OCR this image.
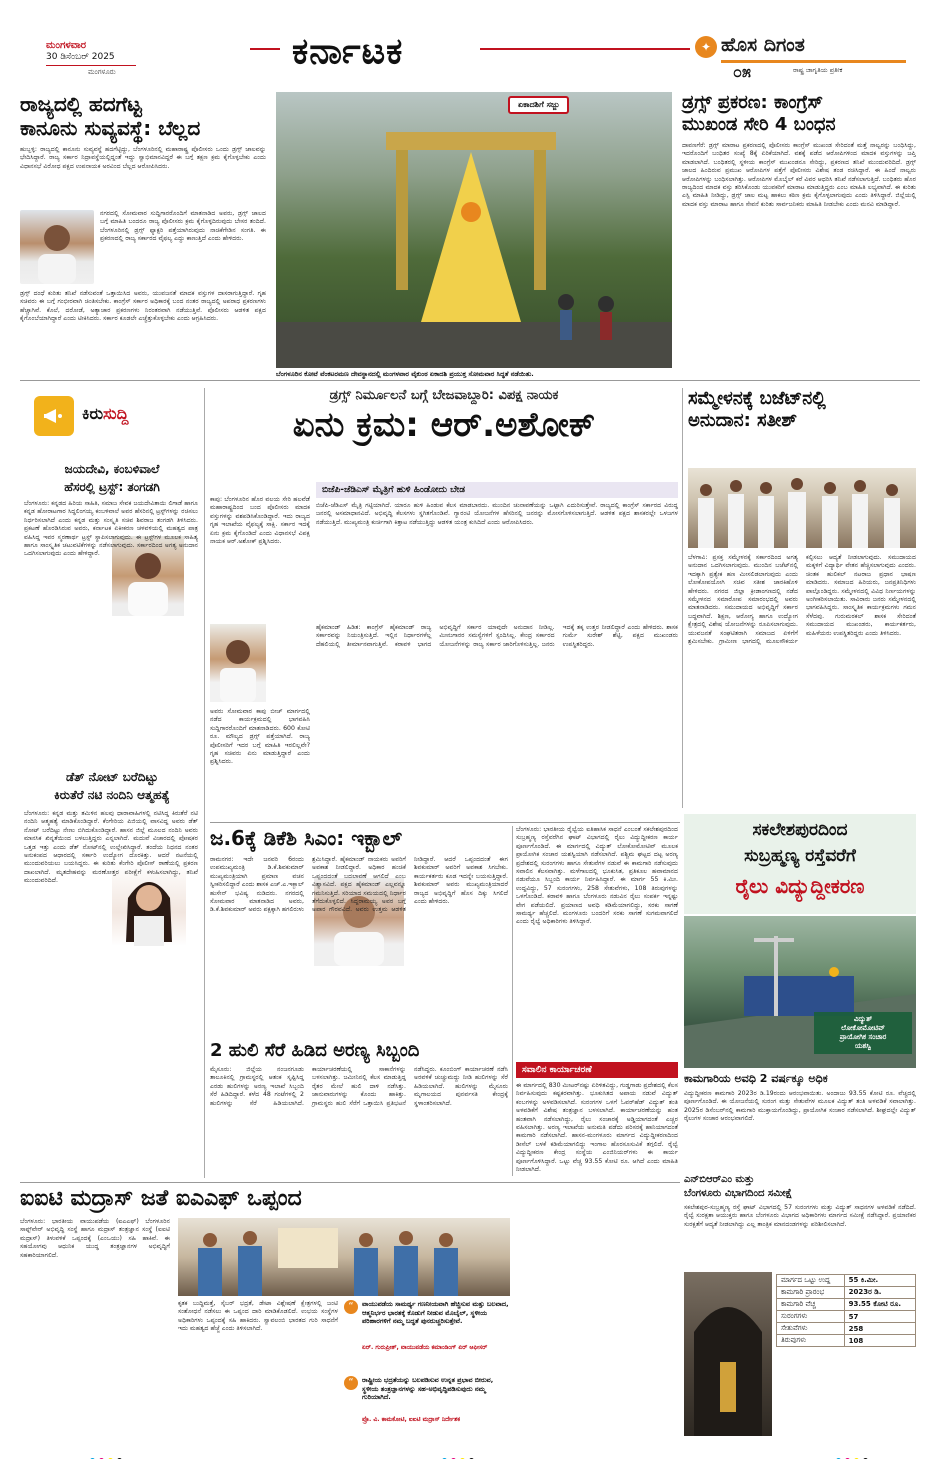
ಮಂಗಳವಾರ
30 ಡಿಸೆಂಬರ್ 2025
ಮಂಗಳೂರು	ಕರ್ನಾಟಕ	✦ ಹೊಸ ದಿಗಂತ
೦೫	ರಾಷ್ಟ್ರ ಜಾಗೃತಿಯ ಪ್ರತೀಕ
ರಾಜ್ಯದಲ್ಲಿ ಹದಗೆಟ್ಟ
ಕಾನೂನು ಸುವ್ಯವಸ್ಥೆ: ಬೆಲ್ಲದ
ಹುಬ್ಬಳ್ಳಿ: ರಾಜ್ಯದಲ್ಲಿ ಕಾನೂನು ಸುವ್ಯವಸ್ಥೆ ಹದಗೆಟ್ಟಿದ್ದು, ಬೆಂಗಳೂರಿನಲ್ಲಿ ಮಹಾರಾಷ್ಟ್ರ ಪೊಲೀಸರು ಒಂದು ಡ್ರಗ್ಸ್ ಜಾಲವನ್ನು ಭೇದಿಸಿದ್ದಾರೆ. ರಾಜ್ಯ ಸರ್ಕಾರ ನಿದ್ರಾವಸ್ಥೆಯಲ್ಲಿದ್ದಂತೆ ಇದ್ದು ಸ್ವಾಭಿಮಾನವಿದ್ದರೆ ಈ ಬಗ್ಗೆ ತಕ್ಷಣ ಕ್ರಮ ಕೈಗೊಳ್ಳಬೇಕು ಎಂದು ವಿಧಾನಸಭೆ ವಿರೋಧ ಪಕ್ಷದ ಉಪನಾಯಕ ಅರವಿಂದ ಬೆಲ್ಲದ ಆರೋಪಿಸಿದರು.
ನಗರದಲ್ಲಿ ಸೋಮವಾರ ಸುದ್ದಿಗಾರರೊಂದಿಗೆ ಮಾತನಾಡಿದ ಅವರು, ಡ್ರಗ್ಸ್ ಜಾಲದ ಬಗ್ಗೆ ಮಾಹಿತಿ ಬಂದರೂ ರಾಜ್ಯ ಪೊಲೀಸರು ಕ್ರಮ ಕೈಗೊಳ್ಳದಿರುವುದು ಬೇಸರ ತಂದಿದೆ. ಬೆಂಗಳೂರಿನಲ್ಲಿ ಡ್ರಗ್ಸ್ ಫ್ಯಾಕ್ಟರಿ ಪತ್ತೆಯಾಗಿರುವುದು ನಾಚಿಕೆಗೇಡಿನ ಸಂಗತಿ. ಈ ಪ್ರಕರಣದಲ್ಲಿ ರಾಜ್ಯ ಸರ್ಕಾರದ ವೈಫಲ್ಯ ಎದ್ದು ಕಾಣುತ್ತಿದೆ ಎಂದು ಹೇಳಿದರು.
ಡ್ರಗ್ಸ್ ದಂಧೆ ಕುರಿತು ತನಿಖೆ ನಡೆಸುವಂತೆ ಒತ್ತಾಯಿಸಿದ ಅವರು, ಯುವಜನತೆ ಮಾದಕ ವಸ್ತುಗಳ ದಾಸರಾಗುತ್ತಿದ್ದಾರೆ. ಗೃಹ ಸಚಿವರು ಈ ಬಗ್ಗೆ ಗಂಭೀರವಾಗಿ ಚಿಂತಿಸಬೇಕು. ಕಾಂಗ್ರೆಸ್ ಸರ್ಕಾರ ಅಧಿಕಾರಕ್ಕೆ ಬಂದ ನಂತರ ರಾಜ್ಯದಲ್ಲಿ ಅಪರಾಧ ಪ್ರಕರಣಗಳು ಹೆಚ್ಚಾಗಿವೆ. ಕೊಲೆ, ದರೋಡೆ, ಅತ್ಯಾಚಾರ ಪ್ರಕರಣಗಳು ನಿರಂತರವಾಗಿ ನಡೆಯುತ್ತಿವೆ. ಪೊಲೀಸರು ಆಡಳಿತ ಪಕ್ಷದ ಕೈಗೊಂಬೆಯಾಗಿದ್ದಾರೆ ಎಂದು ಟೀಕಿಸಿದರು. ಸರ್ಕಾರ ಕೂಡಲೇ ಎಚ್ಚೆತ್ತುಕೊಳ್ಳಬೇಕು ಎಂದು ಆಗ್ರಹಿಸಿದರು.
ಏಕಾದಶಿಗೆ ಸಜ್ಜು
ಬೆಂಗಳೂರಿನ ಕೋಟೆ ವೆಂಕಟರಮಣ ದೇವಸ್ಥಾನದಲ್ಲಿ ಮಂಗಳವಾರ ವೈಕುಂಠ ಏಕಾದಶಿ ಪ್ರಯುಕ್ತ ಸೋಮವಾರ ಸಿದ್ಧತೆ ನಡೆಯಿತು.
ಡ್ರಗ್ಸ್ ಪ್ರಕರಣ: ಕಾಂಗ್ರೆಸ್
ಮುಖಂಡ ಸೇರಿ 4 ಬಂಧನ
ದಾವಣಗೆರೆ: ಡ್ರಗ್ಸ್ ಮಾರಾಟ ಪ್ರಕರಣದಲ್ಲಿ ಪೊಲೀಸರು ಕಾಂಗ್ರೆಸ್ ಮುಖಂಡ ಸೇರಿದಂತೆ ಮತ್ತೆ ನಾಲ್ವರನ್ನು ಬಂಧಿಸಿದ್ದು, ಇದರೊಂದಿಗೆ ಬಂಧಿತರ ಸಂಖ್ಯೆ 8ಕ್ಕೆ ಏರಿಕೆಯಾಗಿದೆ. ವಶಕ್ಕೆ ಪಡೆದ ಆರೋಪಿಗಳಿಂದ ಮಾದಕ ವಸ್ತುಗಳನ್ನು ಜಪ್ತಿ ಮಾಡಲಾಗಿದೆ. ಬಂಧಿತರಲ್ಲಿ ಸ್ಥಳೀಯ ಕಾಂಗ್ರೆಸ್ ಮುಖಂಡನೂ ಸೇರಿದ್ದು, ಪ್ರಕರಣದ ತನಿಖೆ ಮುಂದುವರಿದಿದೆ. ಡ್ರಗ್ಸ್ ಜಾಲದ ಹಿಂದಿರುವ ಪ್ರಮುಖ ಆರೋಪಿಗಳ ಪತ್ತೆಗೆ ಪೊಲೀಸರು ವಿಶೇಷ ತಂಡ ರಚಿಸಿದ್ದಾರೆ. ಈ ಹಿಂದೆ ನಾಲ್ವರು ಆರೋಪಿಗಳನ್ನು ಬಂಧಿಸಲಾಗಿತ್ತು. ಆರೋಪಿಗಳ ಮೊಬೈಲ್ ಕರೆ ವಿವರ ಆಧರಿಸಿ ತನಿಖೆ ನಡೆಸಲಾಗುತ್ತಿದೆ. ಬಂಧಿತರು ಹೊರ ರಾಜ್ಯದಿಂದ ಮಾದಕ ವಸ್ತು ತರಿಸಿಕೊಂಡು ಯುವಕರಿಗೆ ಮಾರಾಟ ಮಾಡುತ್ತಿದ್ದರು ಎಂಬ ಮಾಹಿತಿ ಲಭ್ಯವಾಗಿದೆ. ಈ ಕುರಿತು ಎಸ್ಪಿ ಮಾಹಿತಿ ನೀಡಿದ್ದು, ಡ್ರಗ್ಸ್ ಜಾಲ ಮಟ್ಟ ಹಾಕಲು ಕಠಿಣ ಕ್ರಮ ಕೈಗೊಳ್ಳಲಾಗುವುದು ಎಂದು ತಿಳಿಸಿದ್ದಾರೆ. ಜಿಲ್ಲೆಯಲ್ಲಿ ಮಾದಕ ವಸ್ತು ಮಾರಾಟ ಹಾಗೂ ಸೇವನೆ ಕುರಿತು ಸಾರ್ವಜನಿಕರು ಮಾಹಿತಿ ನೀಡಬೇಕು ಎಂದು ಮನವಿ ಮಾಡಿದ್ದಾರೆ.
ಕಿರುಸುದ್ದಿ
ಜಯದೇವಿ, ಕಂಬಳಿವಾಲೆ
ಹೆಸರಲ್ಲಿ ಟ್ರಸ್ಟ್: ತಂಗಡಗಿ
ಬೆಂಗಳೂರು: ಕನ್ನಡದ ಹಿರಿಯ ಸಾಹಿತಿ, ಸಮಾಜ ಸೇವಕ ಜಯದೇವಿತಾಯಿ ಲಿಗಾಡೆ ಹಾಗೂ ಕನ್ನಡ ಹೋರಾಟಗಾರ ಸಿದ್ಧಲಿಂಗಯ್ಯ ಕಂಬಳಿವಾಲೆ ಅವರ ಹೆಸರಿನಲ್ಲಿ ಟ್ರಸ್ಟ್‌ಗಳನ್ನು ರಚಿಸಲು ನಿರ್ಧರಿಸಲಾಗಿದೆ ಎಂದು ಕನ್ನಡ ಮತ್ತು ಸಂಸ್ಕೃತಿ ಸಚಿವ ಶಿವರಾಜ ತಂಗಡಗಿ ತಿಳಿಸಿದರು. ಪ್ರಕಟಣೆ ಹೊರಡಿಸಿರುವ ಅವರು, ಕರ್ನಾಟಕ ಏಕೀಕರಣ ಚಳವಳಿಯಲ್ಲಿ ಮಹತ್ವದ ಪಾತ್ರ ವಹಿಸಿದ್ದ ಇವರ ಸ್ಮರಣಾರ್ಥ ಟ್ರಸ್ಟ್ ಸ್ಥಾಪಿಸಲಾಗುವುದು. ಈ ಟ್ರಸ್ಟ್‌ಗಳ ಮೂಲಕ ಸಾಹಿತ್ಯ ಹಾಗೂ ಸಾಂಸ್ಕೃತಿಕ ಚಟುವಟಿಕೆಗಳನ್ನು ನಡೆಸಲಾಗುವುದು. ಸರ್ಕಾರದಿಂದ ಅಗತ್ಯ ಅನುದಾನ ಒದಗಿಸಲಾಗುವುದು ಎಂದು ಹೇಳಿದ್ದಾರೆ.
ಡೆತ್ ನೋಟ್ ಬರೆದಿಟ್ಟು
ಕಿರುತೆರೆ ನಟಿ ನಂದಿನಿ ಆತ್ಮಹತ್ಯೆ
ಬೆಂಗಳೂರು: ಕನ್ನಡ ಮತ್ತು ತಮಿಳಿನ ಹಲವು ಧಾರಾವಾಹಿಗಳಲ್ಲಿ ನಟಿಸಿದ್ದ ಕಿರುತೆರೆ ನಟಿ ನಂದಿನಿ ಆತ್ಮಹತ್ಯೆ ಮಾಡಿಕೊಂಡಿದ್ದಾರೆ. ಕೆಂಗೇರಿಯ ಪಿಜಿಯಲ್ಲಿ ವಾಸವಿದ್ದ ಅವರು ಡೆತ್ ನೋಟ್ ಬರೆದಿಟ್ಟು ನೇಣು ಬಿಗಿದುಕೊಂಡಿದ್ದಾರೆ. ಹಾಸನ ಜಿಲ್ಲೆ ಮೂಲದ ನಂದಿನಿ ಅವರು ಮಾನಸಿಕ ಖಿನ್ನತೆಯಿಂದ ಬಳಲುತ್ತಿದ್ದರು ಎನ್ನಲಾಗಿದೆ. ಮದುವೆ ವಿಚಾರದಲ್ಲಿ ಪೋಷಕರ ಒತ್ತಡ ಇತ್ತು ಎಂದು ಡೆತ್ ನೋಟ್‌ನಲ್ಲಿ ಉಲ್ಲೇಖಿಸಿದ್ದಾರೆ. ತಂದೆಯ ನಿಧನದ ನಂತರ ಅನುಕಂಪದ ಆಧಾರದಲ್ಲಿ ಸರ್ಕಾರಿ ಉದ್ಯೋಗ ದೊರಕಿತ್ತು. ಆದರೆ ನಟನೆಯಲ್ಲಿ ಮುಂದುವರಿಯಲು ಬಯಸಿದ್ದರು. ಈ ಕುರಿತು ಕೆಂಗೇರಿ ಪೊಲೀಸ್ ಠಾಣೆಯಲ್ಲಿ ಪ್ರಕರಣ ದಾಖಲಾಗಿದೆ. ಮೃತದೇಹವನ್ನು ಮರಣೋತ್ತರ ಪರೀಕ್ಷೆಗೆ ಕಳುಹಿಸಲಾಗಿದ್ದು, ತನಿಖೆ ಮುಂದುವರಿದಿದೆ.
ಡ್ರಗ್ಸ್ ನಿರ್ಮೂಲನೆ ಬಗ್ಗೆ ಬೇಜವಾಬ್ದಾರಿ: ವಿಪಕ್ಷ ನಾಯಕ
ಏನು ಕ್ರಮ: ಆರ್.ಅಶೋಕ್
ಕಾಪು: ಬೆಂಗಳೂರಿನ ಹೊರ ವಲಯ ಸೇರಿ ಹಲವೆಡೆ ಮಹಾರಾಷ್ಟ್ರದಿಂದ ಬಂದ ಪೊಲೀಸರು ಮಾದಕ ವಸ್ತುಗಳನ್ನು ವಶಪಡಿಸಿಕೊಂಡಿದ್ದಾರೆ. ಇದು ರಾಜ್ಯದ ಗೃಹ ಇಲಾಖೆಯ ವೈಫಲ್ಯಕ್ಕೆ ಸಾಕ್ಷಿ. ಸರ್ಕಾರ ಇದಕ್ಕೆ ಏನು ಕ್ರಮ ಕೈಗೊಂಡಿದೆ ಎಂದು ವಿಧಾನಸಭೆ ವಿಪಕ್ಷ ನಾಯಕ ಆರ್.ಅಶೋಕ್ ಪ್ರಶ್ನಿಸಿದರು.
ಅವರು ಸೋಮವಾರ ಕಾಪು ಬೀಚ್ ಮಾರ್ಗದಲ್ಲಿ ನಡೆದ ಕಾರ್ಯಕ್ರಮದಲ್ಲಿ ಭಾಗವಹಿಸಿ ಸುದ್ದಿಗಾರರೊಂದಿಗೆ ಮಾತನಾಡಿದರು. 600 ಕೋಟಿ ರೂ. ಮೌಲ್ಯದ ಡ್ರಗ್ಸ್ ಪತ್ತೆಯಾಗಿದೆ. ರಾಜ್ಯ ಪೊಲೀಸರಿಗೆ ಇದರ ಬಗ್ಗೆ ಮಾಹಿತಿ ಇರಲಿಲ್ಲವೇ? ಗೃಹ ಸಚಿವರು ಏನು ಮಾಡುತ್ತಿದ್ದಾರೆ ಎಂದು ಪ್ರಶ್ನಿಸಿದರು.
ಬಿಜೆಪಿ-ಜೆಡಿಎಸ್ ಮೈತ್ರಿಗೆ ಹುಳಿ ಹಿಂಡೋದು ಬೇಡ
ಬಿಜೆಪಿ-ಜೆಡಿಎಸ್ ಮೈತ್ರಿ ಗಟ್ಟಿಯಾಗಿದೆ. ಯಾರೂ ಹುಳಿ ಹಿಂಡುವ ಕೆಲಸ ಮಾಡಬಾರದು. ಮುಂದಿನ ಚುನಾವಣೆಯನ್ನು ಒಟ್ಟಾಗಿ ಎದುರಿಸುತ್ತೇವೆ. ರಾಜ್ಯದಲ್ಲಿ ಕಾಂಗ್ರೆಸ್ ಸರ್ಕಾರದ ವಿರುದ್ಧ ಜನರಲ್ಲಿ ಅಸಮಾಧಾನವಿದೆ. ಅಭಿವೃದ್ಧಿ ಕೆಲಸಗಳು ಸ್ಥಗಿತಗೊಂಡಿವೆ. ಗ್ಯಾರಂಟಿ ಯೋಜನೆಗಳ ಹೆಸರಿನಲ್ಲಿ ಜನರನ್ನು ಮೋಸಗೊಳಿಸಲಾಗುತ್ತಿದೆ. ಆಡಳಿತ ಪಕ್ಷದ ಶಾಸಕರಲ್ಲೇ ಒಳಜಗಳ ನಡೆಯುತ್ತಿದೆ. ಮುಖ್ಯಮಂತ್ರಿ ಕುರ್ಚಿಗಾಗಿ ಕಿತ್ತಾಟ ನಡೆಯುತ್ತಿದ್ದು ಆಡಳಿತ ಯಂತ್ರ ಕುಸಿದಿದೆ ಎಂದು ಆರೋಪಿಸಿದರು.
ಹೈಕಮಾಂಡ್ ಹಿಡಿತ: ಕಾಂಗ್ರೆಸ್ ಹೈಕಮಾಂಡ್ ರಾಜ್ಯ ಸರ್ಕಾರವನ್ನು ನಿಯಂತ್ರಿಸುತ್ತಿದೆ. ಇಲ್ಲಿನ ನಿರ್ಧಾರಗಳೆಲ್ಲ ದೆಹಲಿಯಲ್ಲಿ ತೀರ್ಮಾನವಾಗುತ್ತಿವೆ. ಕರಾವಳಿ ಭಾಗದ ಅಭಿವೃದ್ಧಿಗೆ ಸರ್ಕಾರ ಯಾವುದೇ ಅನುದಾನ ನೀಡಿಲ್ಲ. ಮೀನುಗಾರರ ಸಮಸ್ಯೆಗಳಿಗೆ ಸ್ಪಂದಿಸಿಲ್ಲ. ಕೇಂದ್ರ ಸರ್ಕಾರದ ಯೋಜನೆಗಳನ್ನು ರಾಜ್ಯ ಸರ್ಕಾರ ಜಾರಿಗೊಳಿಸುತ್ತಿಲ್ಲ. ಜನರು ಇದಕ್ಕೆ ತಕ್ಕ ಉತ್ತರ ನೀಡಲಿದ್ದಾರೆ ಎಂದು ಹೇಳಿದರು. ಶಾಸಕ ಗುರ್ಮೆ ಸುರೇಶ್ ಶೆಟ್ಟಿ, ಪಕ್ಷದ ಮುಖಂಡರು ಉಪಸ್ಥಿತರಿದ್ದರು.
ಸಮ್ಮೇಳನಕ್ಕೆ ಬಜೆಟ್‌ನಲ್ಲಿ
ಅನುದಾನ: ಸತೀಶ್
ಬೆಳಗಾವಿ: ಪ್ರಸಕ್ತ ಸಮ್ಮೇಳನಕ್ಕೆ ಸರ್ಕಾರದಿಂದ ಅಗತ್ಯ ಅನುದಾನ ಒದಗಿಸಲಾಗುವುದು. ಮುಂದಿನ ಬಜೆಟ್‌ನಲ್ಲಿ ಇದಕ್ಕಾಗಿ ಪ್ರತ್ಯೇಕ ಹಣ ಮೀಸಲಿಡಲಾಗುವುದು ಎಂದು ಲೋಕೋಪಯೋಗಿ ಸಚಿವ ಸತೀಶ ಜಾರಕಿಹೊಳಿ ಹೇಳಿದರು. ನಗರದ ಜಿಲ್ಲಾ ಕ್ರೀಡಾಂಗಣದಲ್ಲಿ ನಡೆದ ಸಮ್ಮೇಳನದ ಸಮಾರೋಪ ಸಮಾರಂಭದಲ್ಲಿ ಅವರು ಮಾತನಾಡಿದರು. ಸಮುದಾಯದ ಅಭಿವೃದ್ಧಿಗೆ ಸರ್ಕಾರ ಬದ್ಧವಾಗಿದೆ. ಶಿಕ್ಷಣ, ಆರೋಗ್ಯ ಹಾಗೂ ಉದ್ಯೋಗ ಕ್ಷೇತ್ರದಲ್ಲಿ ವಿಶೇಷ ಯೋಜನೆಗಳನ್ನು ರೂಪಿಸಲಾಗುವುದು. ಯುವಜನತೆ ಸಂಘಟಿತರಾಗಿ ಸಮಾಜದ ಏಳಿಗೆಗೆ ಶ್ರಮಿಸಬೇಕು. ಗ್ರಾಮೀಣ ಭಾಗದಲ್ಲಿ ಮೂಲಸೌಕರ್ಯ ಕಲ್ಪಿಸಲು ಆದ್ಯತೆ ನೀಡಲಾಗುವುದು. ಸಮುದಾಯದ ಮಕ್ಕಳಿಗೆ ವಿದ್ಯಾರ್ಥಿ ವೇತನ ಹೆಚ್ಚಿಸಲಾಗುವುದು ಎಂದರು. ಚಿಂತಕ ಹುಲಿಕಲ್ ನಟರಾಜ ಪ್ರಧಾನ ಭಾಷಣ ಮಾಡಿದರು. ಸಮಾಜದ ಹಿರಿಯರು, ಜನಪ್ರತಿನಿಧಿಗಳು ಪಾಲ್ಗೊಂಡಿದ್ದರು. ಸಮ್ಮೇಳನದಲ್ಲಿ ವಿವಿಧ ನಿರ್ಣಯಗಳನ್ನು ಅಂಗೀಕರಿಸಲಾಯಿತು. ಸಾವಿರಾರು ಜನರು ಸಮ್ಮೇಳನದಲ್ಲಿ ಭಾಗವಹಿಸಿದ್ದರು. ಸಾಂಸ್ಕೃತಿಕ ಕಾರ್ಯಕ್ರಮಗಳು ಗಮನ ಸೆಳೆದವು. ಗುರುಮಠಕಲ್ ಶಾಸಕ ಸೇರಿದಂತೆ ಸಮುದಾಯದ ಮುಖಂಡರು, ಕಾರ್ಯಕರ್ತರು, ಮಹಿಳೆಯರು ಉಪಸ್ಥಿತರಿದ್ದರು ಎಂದು ತಿಳಿಸಿದರು.
ಜ.6ಕ್ಕೆ ಡಿಕೆಶಿ ಸಿಎಂ: ಇಕ್ಬಾಲ್
ರಾಮನಗರ: ಇದೇ ಜನವರಿ 6ರಂದು ಉಪಮುಖ್ಯಮಂತ್ರಿ ಡಿ.ಕೆ.ಶಿವಕುಮಾರ್ ಮುಖ್ಯಮಂತ್ರಿಯಾಗಿ ಪ್ರಮಾಣ ವಚನ ಸ್ವೀಕರಿಸಲಿದ್ದಾರೆ ಎಂದು ಶಾಸಕ ಎಚ್.ಎ.ಇಕ್ಬಾಲ್ ಹುಸೇನ್ ಭವಿಷ್ಯ ನುಡಿದರು. ನಗರದಲ್ಲಿ ಸೋಮವಾರ ಮಾತನಾಡಿದ ಅವರು, ಡಿ.ಕೆ.ಶಿವಕುಮಾರ್ ಅವರು ಪಕ್ಷಕ್ಕಾಗಿ ಹಗಲಿರುಳು ಶ್ರಮಿಸಿದ್ದಾರೆ. ಹೈಕಮಾಂಡ್ ನಾಯಕರು ಅವರಿಗೆ ಅವಕಾಶ ನೀಡಲಿದ್ದಾರೆ. ಅಧಿಕಾರ ಹಂಚಿಕೆ ಒಪ್ಪಂದದಂತೆ ಬದಲಾವಣೆ ಆಗಲಿದೆ ಎಂಬ ವಿಶ್ವಾಸವಿದೆ. ಪಕ್ಷದ ಹೈಕಮಾಂಡ್ ಎಲ್ಲವನ್ನೂ ಗಮನಿಸುತ್ತಿದೆ. ಸರಿಯಾದ ಸಮಯದಲ್ಲಿ ನಿರ್ಧಾರ ತೆಗೆದುಕೊಳ್ಳಲಿದೆ. ಸಿದ್ದರಾಮಯ್ಯ ಅವರ ಬಗ್ಗೆ ಅಪಾರ ಗೌರವವಿದೆ. ಅವರು ಉತ್ತಮ ಆಡಳಿತ ನೀಡಿದ್ದಾರೆ. ಆದರೆ ಒಪ್ಪಂದದಂತೆ ಈಗ ಶಿವಕುಮಾರ್ ಅವರಿಗೆ ಅವಕಾಶ ಸಿಗಬೇಕು. ಕಾರ್ಯಕರ್ತರು ಕೂಡ ಇದನ್ನೇ ಬಯಸುತ್ತಿದ್ದಾರೆ. ಶಿವಕುಮಾರ್ ಅವರು ಮುಖ್ಯಮಂತ್ರಿಯಾದರೆ ರಾಜ್ಯದ ಅಭಿವೃದ್ಧಿಗೆ ಹೊಸ ದಿಕ್ಕು ಸಿಗಲಿದೆ ಎಂದು ಹೇಳಿದರು.
2 ಹುಲಿ ಸೆರೆ ಹಿಡಿದ ಅರಣ್ಯ ಸಿಬ್ಬಂದಿ
ಮೈಸೂರು: ಜಿಲ್ಲೆಯ ನಂಜನಗೂಡು ತಾಲೂಕಿನಲ್ಲಿ ಗ್ರಾಮಸ್ಥರಲ್ಲಿ ಆತಂಕ ಸೃಷ್ಟಿಸಿದ್ದ ಎರಡು ಹುಲಿಗಳನ್ನು ಅರಣ್ಯ ಇಲಾಖೆ ಸಿಬ್ಬಂದಿ ಸೆರೆ ಹಿಡಿದಿದ್ದಾರೆ. ಕಳೆದ 48 ಗಂಟೆಗಳಲ್ಲಿ 2 ಹುಲಿಗಳನ್ನು ಸೆರೆ ಹಿಡಿಯಲಾಗಿದೆ. ಕಾರ್ಯಾಚರಣೆಯಲ್ಲಿ ಸಾಕಾನೆಗಳನ್ನು ಬಳಸಲಾಗಿತ್ತು. ಜಮೀನಿನಲ್ಲಿ ಕೆಲಸ ಮಾಡುತ್ತಿದ್ದ ರೈತರ ಮೇಲೆ ಹುಲಿ ದಾಳಿ ನಡೆಸಿತ್ತು. ಜಾನುವಾರುಗಳನ್ನು ಕೊಂದು ಹಾಕಿತ್ತು. ಗ್ರಾಮಸ್ಥರು ಹುಲಿ ಸೆರೆಗೆ ಒತ್ತಾಯಿಸಿ ಪ್ರತಿಭಟನೆ ನಡೆಸಿದ್ದರು. ಕೂಂಬಿಂಗ್ ಕಾರ್ಯಾಚರಣೆ ನಡೆಸಿ ಅರವಳಿಕೆ ಚುಚ್ಚುಮದ್ದು ನೀಡಿ ಹುಲಿಗಳನ್ನು ಸೆರೆ ಹಿಡಿಯಲಾಗಿದೆ. ಹುಲಿಗಳನ್ನು ಮೈಸೂರು ಮೃಗಾಲಯದ ಪುನರ್ವಸತಿ ಕೇಂದ್ರಕ್ಕೆ ಸ್ಥಳಾಂತರಿಸಲಾಗಿದೆ.
ಬೆಂಗಳೂರು: ಭಾರತೀಯ ರೈಲ್ವೆಯ ಐತಿಹಾಸಿಕ ಸಾಧನೆ ಎಂಬಂತೆ ಸಕಲೇಶಪುರದಿಂದ ಸುಬ್ರಹ್ಮಣ್ಯ ರಸ್ತೆವರೆಗಿನ ಘಾಟ್ ವಿಭಾಗದಲ್ಲಿ ರೈಲು ವಿದ್ಯುದ್ದೀಕರಣ ಕಾರ್ಯ ಪೂರ್ಣಗೊಂಡಿದೆ. ಈ ಮಾರ್ಗದಲ್ಲಿ ವಿದ್ಯುತ್ ಲೋಕೋಮೋಟಿವ್ ಮೂಲಕ ಪ್ರಾಯೋಗಿಕ ಸಂಚಾರ ಯಶಸ್ವಿಯಾಗಿ ನಡೆಸಲಾಗಿದೆ. ಪಶ್ಚಿಮ ಘಟ್ಟದ ದಟ್ಟ ಅರಣ್ಯ ಪ್ರದೇಶದಲ್ಲಿ ಸುರಂಗಗಳು ಹಾಗೂ ಸೇತುವೆಗಳ ನಡುವೆ ಈ ಕಾಮಗಾರಿ ನಡೆಸುವುದು ಸವಾಲಿನ ಕೆಲಸವಾಗಿತ್ತು. ಮಳೆಗಾಲದಲ್ಲಿ ಭೂಕುಸಿತ, ಪ್ರತಿಕೂಲ ಹವಾಮಾನದ ನಡುವೆಯೂ ಸಿಬ್ಬಂದಿ ಕಾರ್ಯ ನಿರ್ವಹಿಸಿದ್ದಾರೆ. ಈ ಮಾರ್ಗ 55 ಕಿ.ಮೀ. ಉದ್ದವಿದ್ದು, 57 ಸುರಂಗಗಳು, 258 ಸೇತುವೆಗಳು, 108 ತಿರುವುಗಳನ್ನು ಒಳಗೊಂಡಿದೆ. ಕರಾವಳಿ ಹಾಗೂ ಬೆಂಗಳೂರು ನಡುವಿನ ರೈಲು ಸಂಪರ್ಕ ಇನ್ನಷ್ಟು ವೇಗ ಪಡೆಯಲಿದೆ. ಪ್ರಯಾಣದ ಅವಧಿ ಕಡಿಮೆಯಾಗಲಿದ್ದು, ಸರಕು ಸಾಗಣೆ ಸಾಮರ್ಥ್ಯ ಹೆಚ್ಚಲಿದೆ. ಮಂಗಳೂರು ಬಂದರಿಗೆ ಸರಕು ಸಾಗಣೆ ಸುಗಮವಾಗಲಿದೆ ಎಂದು ರೈಲ್ವೆ ಅಧಿಕಾರಿಗಳು ತಿಳಿಸಿದ್ದಾರೆ.
ಸವಾಲಿನ ಕಾರ್ಯಾಚರಣೆ
ಈ ಮಾರ್ಗದಲ್ಲಿ 830 ಮೀಟರ್‌ನಷ್ಟು ಏರಿಳಿತವಿದ್ದು, ಗುಡ್ಡಗಾಡು ಪ್ರದೇಶದಲ್ಲಿ ಕೆಲಸ ನಿರ್ವಹಿಸುವುದು ಕಷ್ಟಕರವಾಗಿತ್ತು. ಭೂಕುಸಿತದ ಅಪಾಯ ನಡುವೆ ವಿದ್ಯುತ್ ಕಂಬಗಳನ್ನು ಅಳವಡಿಸಲಾಗಿದೆ. ಸುರಂಗಗಳ ಒಳಗೆ ಓವರ್‌ಹೆಡ್ ವಿದ್ಯುತ್ ತಂತಿ ಅಳವಡಿಕೆಗೆ ವಿಶೇಷ ತಂತ್ರಜ್ಞಾನ ಬಳಸಲಾಗಿದೆ. ಕಾರ್ಯಾಚರಣೆಯನ್ನು ಹಂತ ಹಂತವಾಗಿ ನಡೆಸಲಾಗಿದ್ದು, ರೈಲು ಸಂಚಾರಕ್ಕೆ ಅಡ್ಡಿಯಾಗದಂತೆ ಎಚ್ಚರ ವಹಿಸಲಾಗಿತ್ತು. ಅರಣ್ಯ ಇಲಾಖೆಯ ಅನುಮತಿ ಪಡೆದು ಪರಿಸರಕ್ಕೆ ಹಾನಿಯಾಗದಂತೆ ಕಾಮಗಾರಿ ನಡೆಸಲಾಗಿದೆ. ಹಾಸನ-ಮಂಗಳೂರು ಮಾರ್ಗದ ವಿದ್ಯುದ್ದೀಕರಣದಿಂದ ಡೀಸೆಲ್ ಬಳಕೆ ಕಡಿಮೆಯಾಗಲಿದ್ದು ಇಂಗಾಲ ಹೊರಸೂಸುವಿಕೆ ತಗ್ಗಲಿದೆ. ರೈಲ್ವೆ ವಿದ್ಯುದ್ದೀಕರಣ ಕೇಂದ್ರ ಸಂಸ್ಥೆಯ ಎಂಜಿನಿಯರ್‌ಗಳು ಈ ಕಾರ್ಯ ಪೂರ್ಣಗೊಳಿಸಿದ್ದಾರೆ. ಒಟ್ಟು ವೆಚ್ಚ 93.55 ಕೋಟಿ ರೂ. ಆಗಿದೆ ಎಂದು ಮಾಹಿತಿ ನೀಡಲಾಗಿದೆ.
ಸಕಲೇಶಪುರದಿಂದ
ಸುಬ್ರಹ್ಮಣ್ಯ ರಸ್ತೆವರೆಗೆ
ರೈಲು ವಿದ್ಯುದ್ದೀಕರಣ
ವಿದ್ಯುತ್
ಲೋಕೋಮೋಟಿವ್
ಪ್ರಾಯೋಗಿಕ ಸಂಚಾರ
ಯಶಸ್ವಿ
ಕಾಮಗಾರಿಯ ಅವಧಿ 2 ವರ್ಷಕ್ಕೂ ಅಧಿಕ
ವಿದ್ಯುದ್ದೀಕರಣ ಕಾಮಗಾರಿ 2023ರ ಡಿ.19ರಂದು ಆರಂಭವಾಯಿತು. ಅಂದಾಜು 93.55 ಕೋಟಿ ರೂ. ವೆಚ್ಚದಲ್ಲಿ ಪೂರ್ಣಗೊಂಡಿದೆ. ಈ ಯೋಜನೆಯಲ್ಲಿ ಸುರಂಗ ಮತ್ತು ಸೇತುವೆಗಳ ಮೂಲಕ ವಿದ್ಯುತ್ ತಂತಿ ಅಳವಡಿಕೆ ಸವಾಲಾಗಿತ್ತು. 2025ರ ಡಿಸೆಂಬರ್‌ನಲ್ಲಿ ಕಾಮಗಾರಿ ಮುಕ್ತಾಯಗೊಂಡಿದ್ದು, ಪ್ರಾಯೋಗಿಕ ಸಂಚಾರ ನಡೆಸಲಾಗಿದೆ. ಶೀಘ್ರದಲ್ಲೇ ವಿದ್ಯುತ್ ರೈಲುಗಳ ಸಂಚಾರ ಆರಂಭವಾಗಲಿದೆ.
ಎನ್‌ಬಿಆರ್‌ಎಂ ಮತ್ತು
ಬೆಂಗಳೂರು ವಿಭಾಗದಿಂದ ಸಮೀಕ್ಷೆ
ಸಕಲೇಶಪುರ-ಸುಬ್ರಹ್ಮಣ್ಯ ರಸ್ತೆ ಘಾಟ್ ವಿಭಾಗದಲ್ಲಿ 57 ಸುರಂಗಗಳು ಮತ್ತು ವಿದ್ಯುತ್ ಸಾಧನಗಳ ಅಳವಡಿಕೆ ನಡೆದಿದೆ. ರೈಲ್ವೆ ಸುರಕ್ಷತಾ ಆಯುಕ್ತರು ಹಾಗೂ ಬೆಂಗಳೂರು ವಿಭಾಗದ ಅಧಿಕಾರಿಗಳು ಮಾರ್ಗದ ಸಮೀಕ್ಷೆ ನಡೆಸಿದ್ದಾರೆ. ಪ್ರಯಾಣಿಕರ ಸುರಕ್ಷತೆಗೆ ಆದ್ಯತೆ ನೀಡಲಾಗಿದ್ದು ಎಲ್ಲ ತಾಂತ್ರಿಕ ಮಾನದಂಡಗಳನ್ನು ಪರಿಶೀಲಿಸಲಾಗಿದೆ.
ಮಾರ್ಗದ ಒಟ್ಟು ಉದ್ದ	55 ಕಿ.ಮೀ.
ಕಾಮಗಾರಿ ಪ್ರಾರಂಭ	2023ರ ಡಿ.
ಕಾಮಗಾರಿ ವೆಚ್ಚ	93.55 ಕೋಟಿ ರೂ.
ಸುರಂಗಗಳು	57
ಸೇತುವೆಗಳು	258
ತಿರುವುಗಳು	108
ಐಐಟಿ ಮದ್ರಾಸ್ ಜತೆ ಐಎಎಫ್ ಒಪ್ಪಂದ
ಬೆಂಗಳೂರು: ಭಾರತೀಯ ವಾಯುಪಡೆಯ (ಐಎಎಫ್) ಬೆಂಗಳೂರಿನ ಸಾಫ್ಟ್‌ವೇರ್ ಅಭಿವೃದ್ಧಿ ಸಂಸ್ಥೆ ಹಾಗೂ ಮದ್ರಾಸ್ ತಂತ್ರಜ್ಞಾನ ಸಂಸ್ಥೆ (ಐಐಟಿ ಮದ್ರಾಸ್) ತಿಳುವಳಿಕೆ ಒಪ್ಪಂದಕ್ಕೆ (ಎಂಒಯು) ಸಹಿ ಹಾಕಿವೆ. ಈ ಸಹಯೋಗವು ಆಧುನಿಕ ಯುದ್ಧ ತಂತ್ರಜ್ಞಾನಗಳ ಅಭಿವೃದ್ಧಿಗೆ ಸಹಕಾರಿಯಾಗಲಿದೆ.
ಕೃತಕ ಬುದ್ಧಿಮತ್ತೆ, ಸೈಬರ್ ಭದ್ರತೆ, ಡೇಟಾ ವಿಶ್ಲೇಷಣೆ ಕ್ಷೇತ್ರಗಳಲ್ಲಿ ಜಂಟಿ ಸಂಶೋಧನೆ ನಡೆಸಲು ಈ ಒಪ್ಪಂದ ದಾರಿ ಮಾಡಿಕೊಡಲಿದೆ. ಉಭಯ ಸಂಸ್ಥೆಗಳ ಅಧಿಕಾರಿಗಳು ಒಪ್ಪಂದಕ್ಕೆ ಸಹಿ ಹಾಕಿದರು. ಸ್ವಾವಲಂಬಿ ಭಾರತದ ಗುರಿ ಸಾಧನೆಗೆ ಇದು ಮಹತ್ವದ ಹೆಜ್ಜೆ ಎಂದು ತಿಳಿಸಲಾಗಿದೆ.
“	ವಾಯುಪಡೆಯ ಸಾಮರ್ಥ್ಯ ಗಣನೀಯವಾಗಿ ಹೆಚ್ಚಿಸುವ ಮತ್ತು ಬಲವಾದ, ಆತ್ಮನಿರ್ಭರ ಭಾರತಕ್ಕೆ ಕೊಡುಗೆ ನೀಡುವ ಮೊಬೈಲ್, ಸ್ಥಳೀಯ ಪರಿಹಾರಗಳಿಗೆ ನಮ್ಮ ಬದ್ಧತೆ ಪುನರುಚ್ಚರಿಸುತ್ತೇವೆ.
ಏರ್. ಗುರುಪ್ರೀತ್, ವಾಯುಪಡೆಯ ಕಮಾಂಡಿಂಗ್ ಏರ್ ಆಫೀಸರ್
“	ರಾಷ್ಟ್ರೀಯ ಭದ್ರತೆಯನ್ನು ಬಲಪಡಿಸುವ ಉನ್ನತ ಪ್ರಭಾವ ಬೀರುವ, ಸ್ಥಳೀಯ ತಂತ್ರಜ್ಞಾನಗಳನ್ನು ಸಹ-ಅಭಿವೃದ್ಧಿಪಡಿಸುವುದು ನಮ್ಮ ಗುರಿಯಾಗಿದೆ.
ಪ್ರೊ. ವಿ. ಕಾಮಕೋಟಿ, ಐಐಟಿ ಮದ್ರಾಸ್ ನಿರ್ದೇಶಕ
